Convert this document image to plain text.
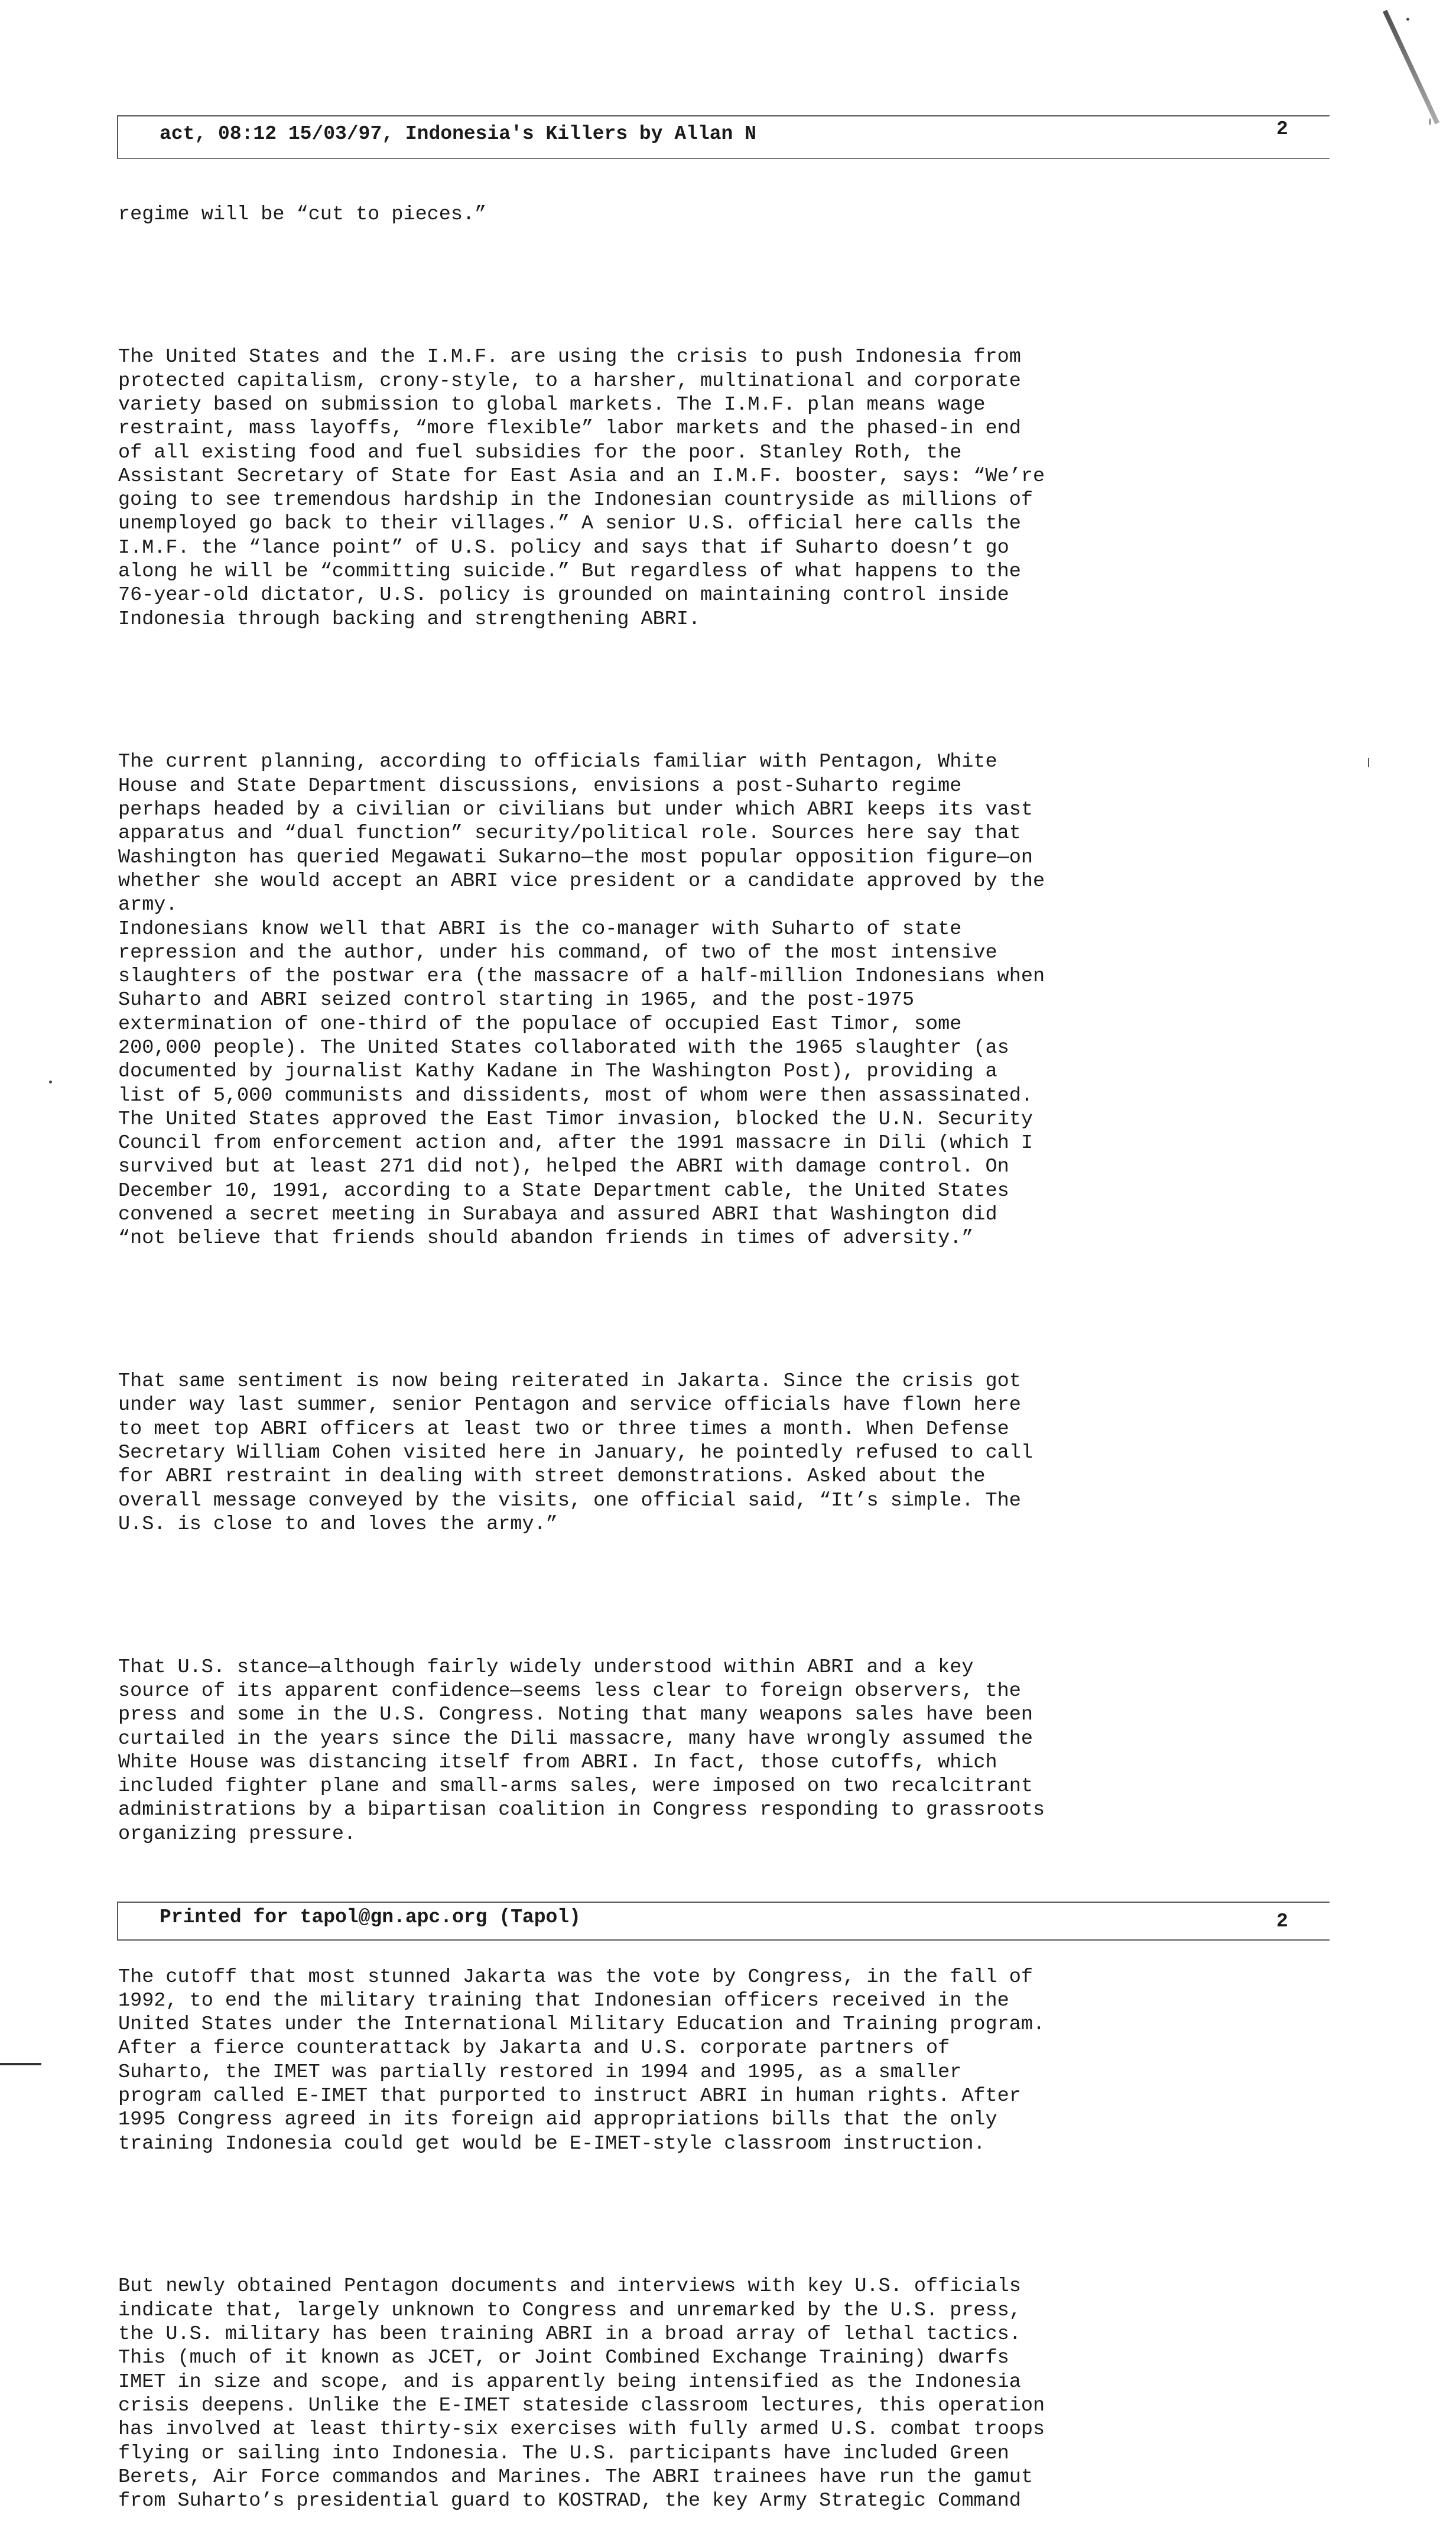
act, 08:12 15/03/97, Indonesia's Killers by Allan N	2

regime will be “cut to pieces.”

The United States and the I.M.F. are using the crisis to push Indonesia from
protected capitalism, crony-style, to a harsher, multinational and corporate
variety based on submission to global markets. The I.M.F. plan means wage
restraint, mass layoffs, “more flexible” labor markets and the phased-in end
of all existing food and fuel subsidies for the poor. Stanley Roth, the
Assistant Secretary of State for East Asia and an I.M.F. booster, says: “We’re
going to see tremendous hardship in the Indonesian countryside as millions of
unemployed go back to their villages.” A senior U.S. official here calls the
I.M.F. the “lance point” of U.S. policy and says that if Suharto doesn’t go
along he will be “committing suicide.” But regardless of what happens to the
76-year-old dictator, U.S. policy is grounded on maintaining control inside
Indonesia through backing and strengthening ABRI.

The current planning, according to officials familiar with Pentagon, White
House and State Department discussions, envisions a post-Suharto regime
perhaps headed by a civilian or civilians but under which ABRI keeps its vast
apparatus and “dual function” security/political role. Sources here say that
Washington has queried Megawati Sukarno—the most popular opposition figure—on
whether she would accept an ABRI vice president or a candidate approved by the
army.
Indonesians know well that ABRI is the co-manager with Suharto of state
repression and the author, under his command, of two of the most intensive
slaughters of the postwar era (the massacre of a half-million Indonesians when
Suharto and ABRI seized control starting in 1965, and the post-1975
extermination of one-third of the populace of occupied East Timor, some
200,000 people). The United States collaborated with the 1965 slaughter (as
documented by journalist Kathy Kadane in The Washington Post), providing a
list of 5,000 communists and dissidents, most of whom were then assassinated.
The United States approved the East Timor invasion, blocked the U.N. Security
Council from enforcement action and, after the 1991 massacre in Dili (which I
survived but at least 271 did not), helped the ABRI with damage control. On
December 10, 1991, according to a State Department cable, the United States
convened a secret meeting in Surabaya and assured ABRI that Washington did
“not believe that friends should abandon friends in times of adversity.”

That same sentiment is now being reiterated in Jakarta. Since the crisis got
under way last summer, senior Pentagon and service officials have flown here
to meet top ABRI officers at least two or three times a month. When Defense
Secretary William Cohen visited here in January, he pointedly refused to call
for ABRI restraint in dealing with street demonstrations. Asked about the
overall message conveyed by the visits, one official said, “It’s simple. The
U.S. is close to and loves the army.”

That U.S. stance—although fairly widely understood within ABRI and a key
source of its apparent confidence—seems less clear to foreign observers, the
press and some in the U.S. Congress. Noting that many weapons sales have been
curtailed in the years since the Dili massacre, many have wrongly assumed the
White House was distancing itself from ABRI. In fact, those cutoffs, which
included fighter plane and small-arms sales, were imposed on two recalcitrant
administrations by a bipartisan coalition in Congress responding to grassroots
organizing pressure.

The cutoff that most stunned Jakarta was the vote by Congress, in the fall of
1992, to end the military training that Indonesian officers received in the
United States under the International Military Education and Training program.
After a fierce counterattack by Jakarta and U.S. corporate partners of
Suharto, the IMET was partially restored in 1994 and 1995, as a smaller
program called E-IMET that purported to instruct ABRI in human rights. After
1995 Congress agreed in its foreign aid appropriations bills that the only
training Indonesia could get would be E-IMET-style classroom instruction.

But newly obtained Pentagon documents and interviews with key U.S. officials
indicate that, largely unknown to Congress and unremarked by the U.S. press,
the U.S. military has been training ABRI in a broad array of lethal tactics.
This (much of it known as JCET, or Joint Combined Exchange Training) dwarfs
IMET in size and scope, and is apparently being intensified as the Indonesia
crisis deepens. Unlike the E-IMET stateside classroom lectures, this operation
has involved at least thirty-six exercises with fully armed U.S. combat troops
flying or sailing into Indonesia. The U.S. participants have included Green
Berets, Air Force commandos and Marines. The ABRI trainees have run the gamut
from Suharto’s presidential guard to KOSTRAD, the key Army Strategic Command

Printed for tapol@gn.apc.org (Tapol)	2
